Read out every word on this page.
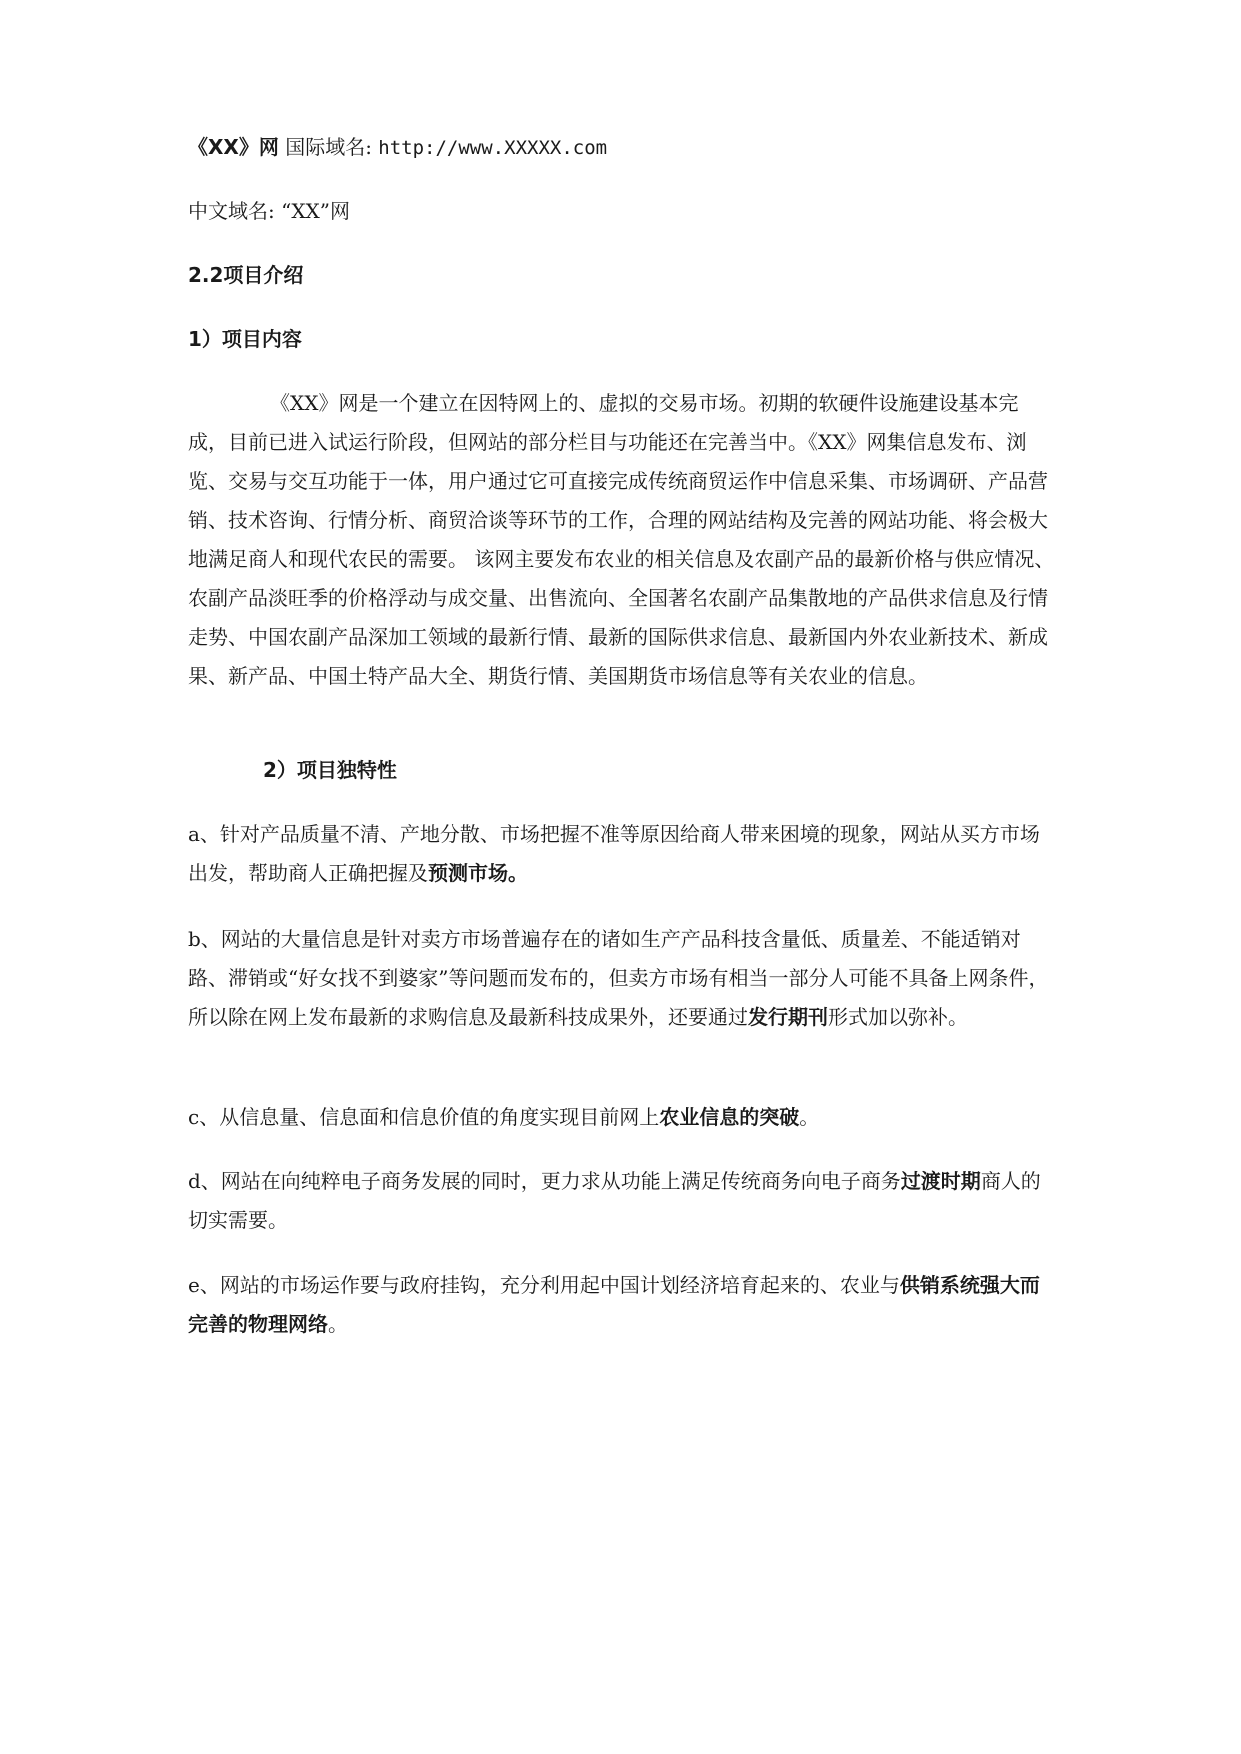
《XX》网 国际域名: http://www.XXXXX.com

中文域名: “XX”网

2.2项目介绍

1）项目内容

《XX》网是一个建立在因特网上的、虚拟的交易市场。初期的软硬件设施建设基本完成，目前已进入试运行阶段，但网站的部分栏目与功能还在完善当中。《XX》网集信息发布、浏览、交易与交互功能于一体，用户通过它可直接完成传统商贸运作中信息采集、市场调研、产品营销、技术咨询、行情分析、商贸洽谈等环节的工作，合理的网站结构及完善的网站功能、将会极大地满足商人和现代农民的需要。 该网主要发布农业的相关信息及农副产品的最新价格与供应情况、农副产品淡旺季的价格浮动与成交量、出售流向、全国著名农副产品集散地的产品供求信息及行情走势、中国农副产品深加工领域的最新行情、最新的国际供求信息、最新国内外农业新技术、新成果、新产品、中国土特产品大全、期货行情、美国期货市场信息等有关农业的信息。

2）项目独特性

a、针对产品质量不清、产地分散、市场把握不准等原因给商人带来困境的现象，网站从买方市场出发，帮助商人正确把握及预测市场。

b、网站的大量信息是针对卖方市场普遍存在的诸如生产产品科技含量低、质量差、不能适销对路、滞销或“好女找不到婆家”等问题而发布的，但卖方市场有相当一部分人可能不具备上网条件，所以除在网上发布最新的求购信息及最新科技成果外，还要通过发行期刊形式加以弥补。

c、从信息量、信息面和信息价值的角度实现目前网上农业信息的突破。

d、网站在向纯粹电子商务发展的同时，更力求从功能上满足传统商务向电子商务过渡时期商人的切实需要。

e、网站的市场运作要与政府挂钩，充分利用起中国计划经济培育起来的、农业与供销系统强大而完善的物理网络。
